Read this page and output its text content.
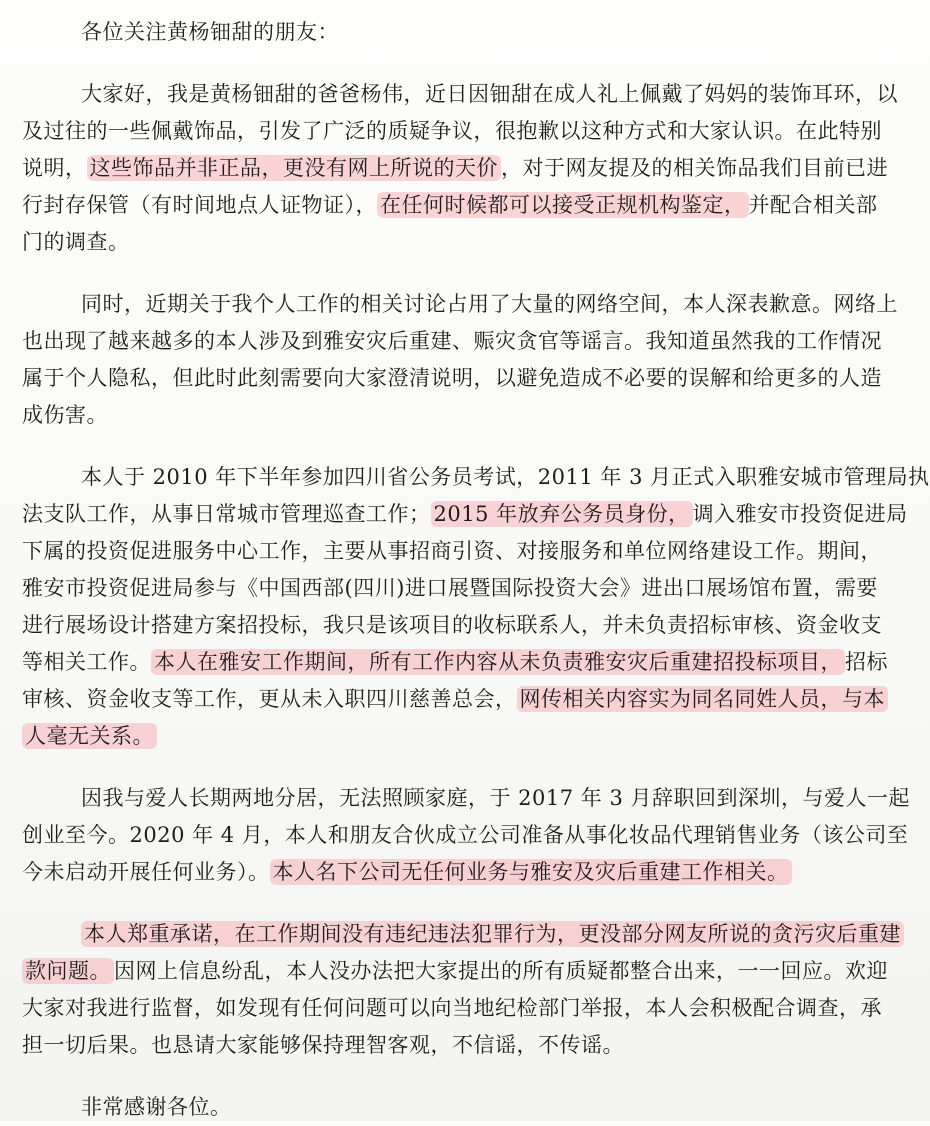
各位关注黄杨钿甜的朋友：
大家好，我是黄杨钿甜的爸爸杨伟，近日因钿甜在成人礼上佩戴了妈妈的装饰耳环，以
及过往的一些佩戴饰品，引发了广泛的质疑争议，很抱歉以这种方式和大家认识。在此特别
说明， 这些饰品并非正品，更没有网上所说的天价 ，对于网友提及的相关饰品我们目前已进
行封存保管（有时间地点人证物证）， 在任何时候都可以接受正规机构鉴定， 并配合相关部
门的调查。
同时，近期关于我个人工作的相关讨论占用了大量的网络空间，本人深表歉意。网络上
也出现了越来越多的本人涉及到雅安灾后重建、赈灾贪官等谣言。我知道虽然我的工作情况
属于个人隐私，但此时此刻需要向大家澄清说明，以避免造成不必要的误解和给更多的人造
成伤害。
本人于 2010 年下半年参加四川省公务员考试，2011 年 3 月正式入职雅安城市管理局执
法支队工作，从事日常城市管理巡查工作； 2015 年放弃公务员身份， 调入雅安市投资促进局
下属的投资促进服务中心工作，主要从事招商引资、对接服务和单位网络建设工作。期间，
雅安市投资促进局参与《中国西部(四川)进口展暨国际投资大会》进出口展场馆布置，需要
进行展场设计搭建方案招投标，我只是该项目的收标联系人，并未负责招标审核、资金收支
等相关工作。 本人在雅安工作期间，所有工作内容从未负责雅安灾后重建招投标项目， 招标
审核、资金收支等工作，更从未入职四川慈善总会， 网传相关内容实为同名同姓人员，与本
人毫无关系。
因我与爱人长期两地分居，无法照顾家庭，于 2017 年 3 月辞职回到深圳，与爱人一起
创业至今。2020 年 4 月，本人和朋友合伙成立公司准备从事化妆品代理销售业务（该公司至
今未启动开展任何业务）。 本人名下公司无任何业务与雅安及灾后重建工作相关。
本人郑重承诺，在工作期间没有违纪违法犯罪行为，更没部分网友所说的贪污灾后重建
款问题。 因网上信息纷乱，本人没办法把大家提出的所有质疑都整合出来，一一回应。欢迎
大家对我进行监督，如发现有任何问题可以向当地纪检部门举报，本人会积极配合调查，承
担一切后果。也恳请大家能够保持理智客观，不信谣，不传谣。
非常感谢各位。
